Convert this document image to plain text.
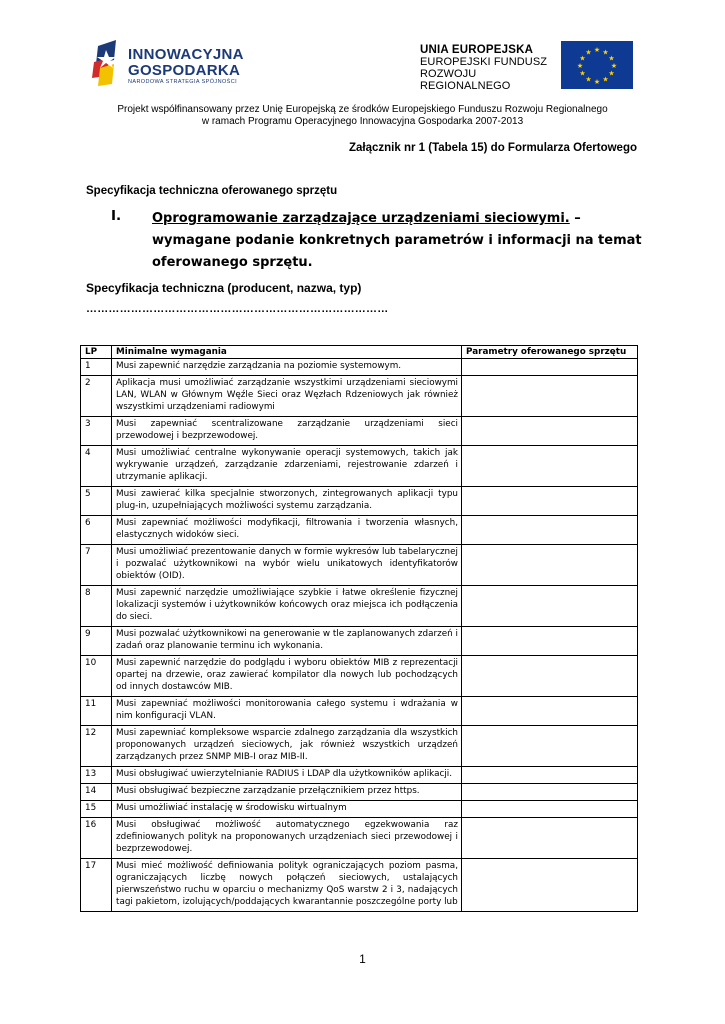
INNOWACYJNA
GOSPODARKA
NARODOWA STRATEGIA SPÓJNOŚCI
UNIA EUROPEJSKA
EUROPEJSKI FUNDUSZ
ROZWOJU REGIONALNEGO
★ ★
★
★
★
★
★
★
★
★
★
★
Projekt współfinansowany przez Unię Europejską ze środków Europejskiego Funduszu Rozwoju Regionalnego
w ramach Programu Operacyjnego Innowacyjna Gospodarka 2007-2013
Załącznik nr 1 (Tabela 15) do Formularza Ofertowego
Specyfikacja techniczna oferowanego sprzętu
I. Oprogramowanie zarządzające urządzeniami sieciowymi. – wymagane podanie konkretnych parametrów i informacji na temat oferowanego sprzętu.
Specyfikacja techniczna (producent, nazwa, typ)
………………………………………………………………………
LP	Minimalne wymagania	Parametry oferowanego sprzętu
1	Musi zapewnić narzędzie zarządzania na poziomie systemowym.	
2	Aplikacja musi umożliwiać zarządzanie wszystkimi urządzeniami sieciowymi LAN, WLAN w Głównym Węźle Sieci oraz Węzłach Rdzeniowych jak również wszystkimi urządzeniami radiowymi	
3	Musi zapewniać scentralizowane zarządzanie urządzeniami sieci przewodowej i bezprzewodowej.	
4	Musi umożliwiać centralne wykonywanie operacji systemowych, takich jak wykrywanie urządzeń, zarządzanie zdarzeniami, rejestrowanie zdarzeń i utrzymanie aplikacji.	
5	Musi zawierać kilka specjalnie stworzonych, zintegrowanych aplikacji typu plug-in, uzupełniających możliwości systemu zarządzania.	
6	Musi zapewniać możliwości modyfikacji, filtrowania i tworzenia własnych, elastycznych widoków sieci.	
7	Musi umożliwiać prezentowanie danych w formie wykresów lub tabelarycznej i pozwalać użytkownikowi na wybór wielu unikatowych identyfikatorów obiektów (OID).	
8	Musi zapewnić narzędzie umożliwiające szybkie i łatwe określenie fizycznej lokalizacji systemów i użytkowników końcowych oraz miejsca ich podłączenia do sieci.	
9	Musi pozwalać użytkownikowi na generowanie w tle zaplanowanych zdarzeń i zadań oraz planowanie terminu ich wykonania.	
10	Musi zapewnić narzędzie do podglądu i wyboru obiektów MIB z reprezentacji opartej na drzewie, oraz zawierać kompilator dla nowych lub pochodzących od innych dostawców MIB.	
11	Musi zapewniać możliwości monitorowania całego systemu i wdrażania w nim konfiguracji VLAN.	
12	Musi zapewniać kompleksowe wsparcie zdalnego zarządzania dla wszystkich proponowanych urządzeń sieciowych, jak również wszystkich urządzeń zarządzanych przez SNMP MIB-I oraz MIB-II.	
13	Musi obsługiwać uwierzytelnianie RADIUS i LDAP dla użytkowników aplikacji.	
14	Musi obsługiwać bezpieczne zarządzanie przełącznikiem przez https.	
15	Musi umożliwiać instalację w środowisku wirtualnym	
16	Musi obsługiwać możliwość automatycznego egzekwowania raz zdefiniowanych polityk na proponowanych urządzeniach sieci przewodowej i bezprzewodowej.	
17	Musi mieć możliwość definiowania polityk ograniczających poziom pasma, ograniczających liczbę nowych połączeń sieciowych, ustalających pierwszeństwo ruchu w oparciu o mechanizmy QoS warstw 2 i 3, nadających tagi pakietom, izolujących/poddających kwarantannie poszczególne porty lub	
1
